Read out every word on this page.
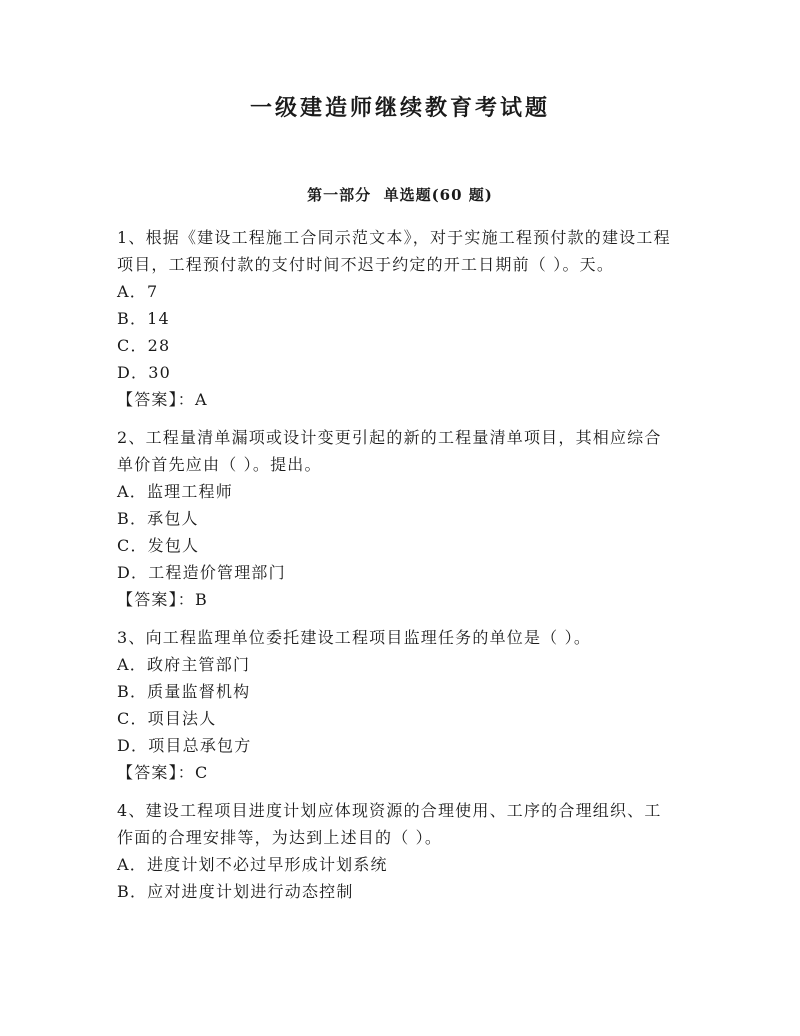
一级建造师继续教育考试题
第一部分  单选题(60 题)
1、根据《建设工程施工合同示范文本》，对于实施工程预付款的建设工程项目，工程预付款的支付时间不迟于约定的开工日期前（ ）。天。
A．7
B．14
C．28
D．30
【答案】：A
2、工程量清单漏项或设计变更引起的新的工程量清单项目，其相应综合单价首先应由（ ）。提出。
A．监理工程师
B．承包人
C．发包人
D．工程造价管理部门
【答案】：B
3、向工程监理单位委托建设工程项目监理任务的单位是（ ）。
A．政府主管部门
B．质量监督机构
C．项目法人
D．项目总承包方
【答案】：C
4、建设工程项目进度计划应体现资源的合理使用、工序的合理组织、工作面的合理安排等，为达到上述目的（ ）。
A．进度计划不必过早形成计划系统
B．应对进度计划进行动态控制
